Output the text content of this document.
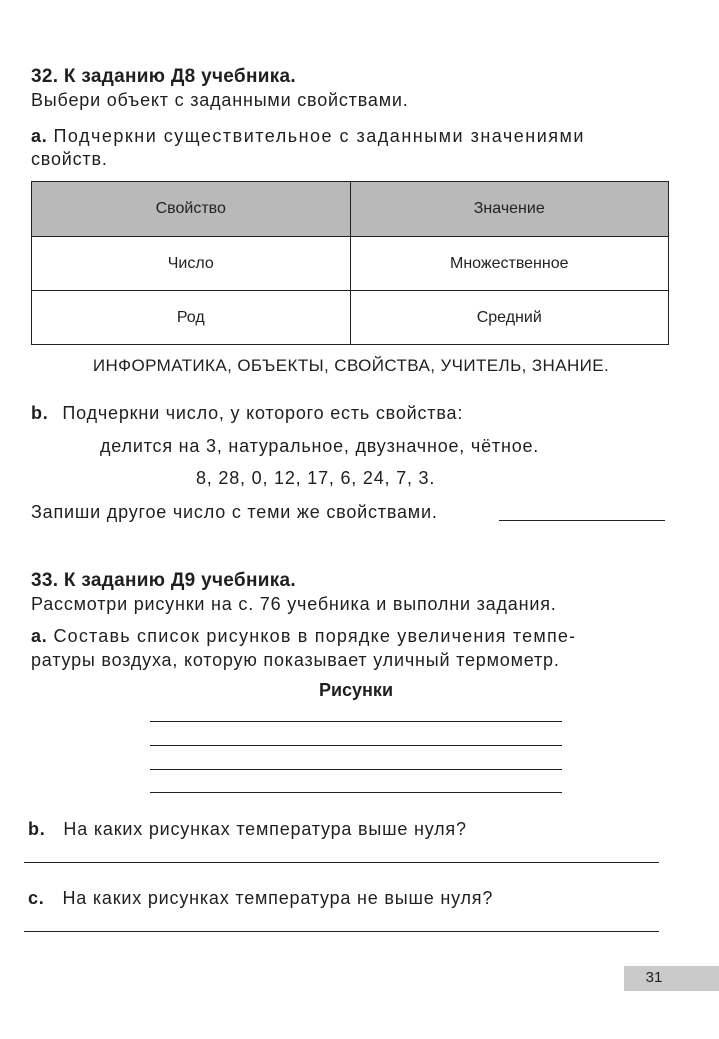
32. К заданию Д8 учебника.
Выбери объект с заданными свойствами.
a. Подчеркни существительное с заданными значениями
свойств.
Свойство	Значение
Число	Множественное
Род	Средний
ИНФОРМАТИКА, ОБЪЕКТЫ, СВОЙСТВА, УЧИТЕЛЬ, ЗНАНИЕ.
b. Подчеркни число, у которого есть свойства:
делится на 3, натуральное, двузначное, чётное.
8, 28, 0, 12, 17, 6, 24, 7, 3.
Запиши другое число с теми же свойствами.
33. К заданию Д9 учебника.
Рассмотри рисунки на с. 76 учебника и выполни задания.
a. Составь список рисунков в порядке увеличения темпе-
ратуры воздуха, которую показывает уличный термометр.
Рисунки
b. На каких рисунках температура выше нуля?
c. На каких рисунках температура не выше нуля?
31
